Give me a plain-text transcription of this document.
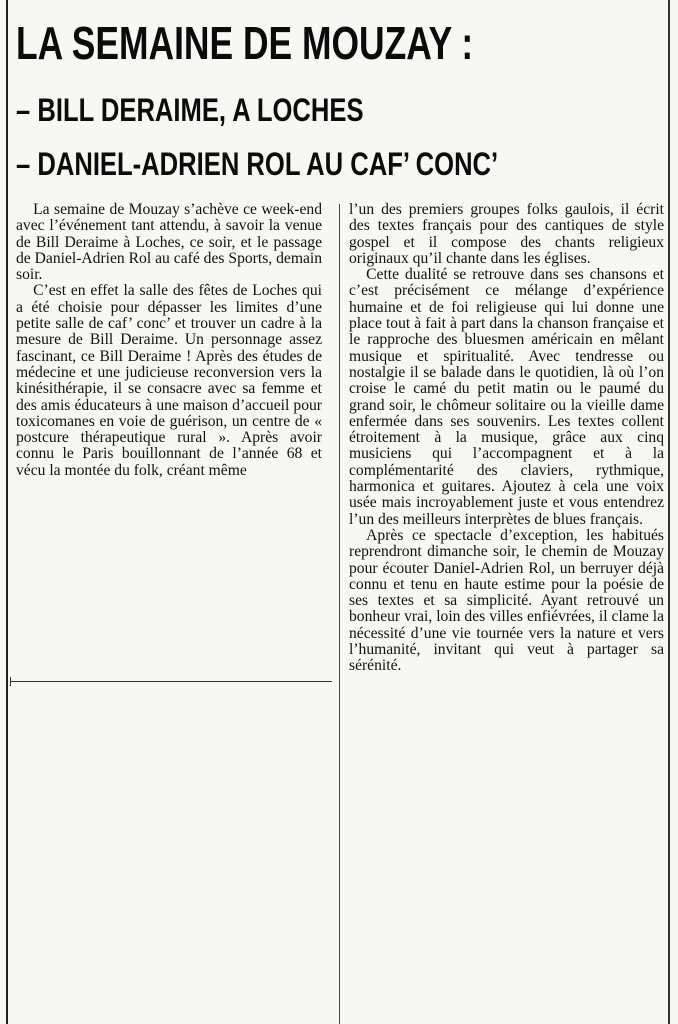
LA SEMAINE DE MOUZAY :
– BILL DERAIME, A LOCHES
– DANIEL-ADRIEN ROL AU CAF’ CONC’

La semaine de Mouzay s’achève ce week-end avec l’événement tant attendu, à savoir la venue de Bill Deraime à Loches, ce soir, et le passage de Daniel-Adrien Rol au café des Sports, demain soir.

C’est en effet la salle des fêtes de Loches qui a été choisie pour dépasser les limites d’une petite salle de caf’ conc’ et trouver un cadre à la mesure de Bill Deraime. Un personnage assez fascinant, ce Bill Deraime ! Après des études de médecine et une judicieuse reconversion vers la kinésithérapie, il se consacre avec sa femme et des amis éducateurs à une maison d’accueil pour toxicomanes en voie de guérison, un centre de « postcure thérapeutique rural ». Après avoir connu le Paris bouillonnant de l’année 68 et vécu la montée du folk, créant même

l’un des premiers groupes folks gaulois, il écrit des textes français pour des cantiques de style gospel et il compose des chants religieux originaux qu’il chante dans les églises.

Cette dualité se retrouve dans ses chansons et c’est précisément ce mélange d’expérience humaine et de foi religieuse qui lui donne une place tout à fait à part dans la chanson française et le rapproche des bluesmen américain en mêlant musique et spiritualité. Avec tendresse ou nostalgie il se balade dans le quotidien, là où l’on croise le camé du petit matin ou le paumé du grand soir, le chômeur solitaire ou la vieille dame enfermée dans ses souvenirs. Les textes collent étroitement à la musique, grâce aux cinq musiciens qui l’accompagnent et à la complémentarité des claviers, rythmique, harmonica et guitares. Ajoutez à cela une voix usée mais incroyablement juste et vous entendrez l’un des meilleurs interprètes de blues français.

Après ce spectacle d’exception, les habitués reprendront dimanche soir, le chemin de Mouzay pour écouter Daniel-Adrien Rol, un berruyer déjà connu et tenu en haute estime pour la poésie de ses textes et sa simplicité. Ayant retrouvé un bonheur vrai, loin des villes enfiévrées, il clame la nécessité d’une vie tournée vers la nature et vers l’humanité, invitant qui veut à partager sa sérénité.
